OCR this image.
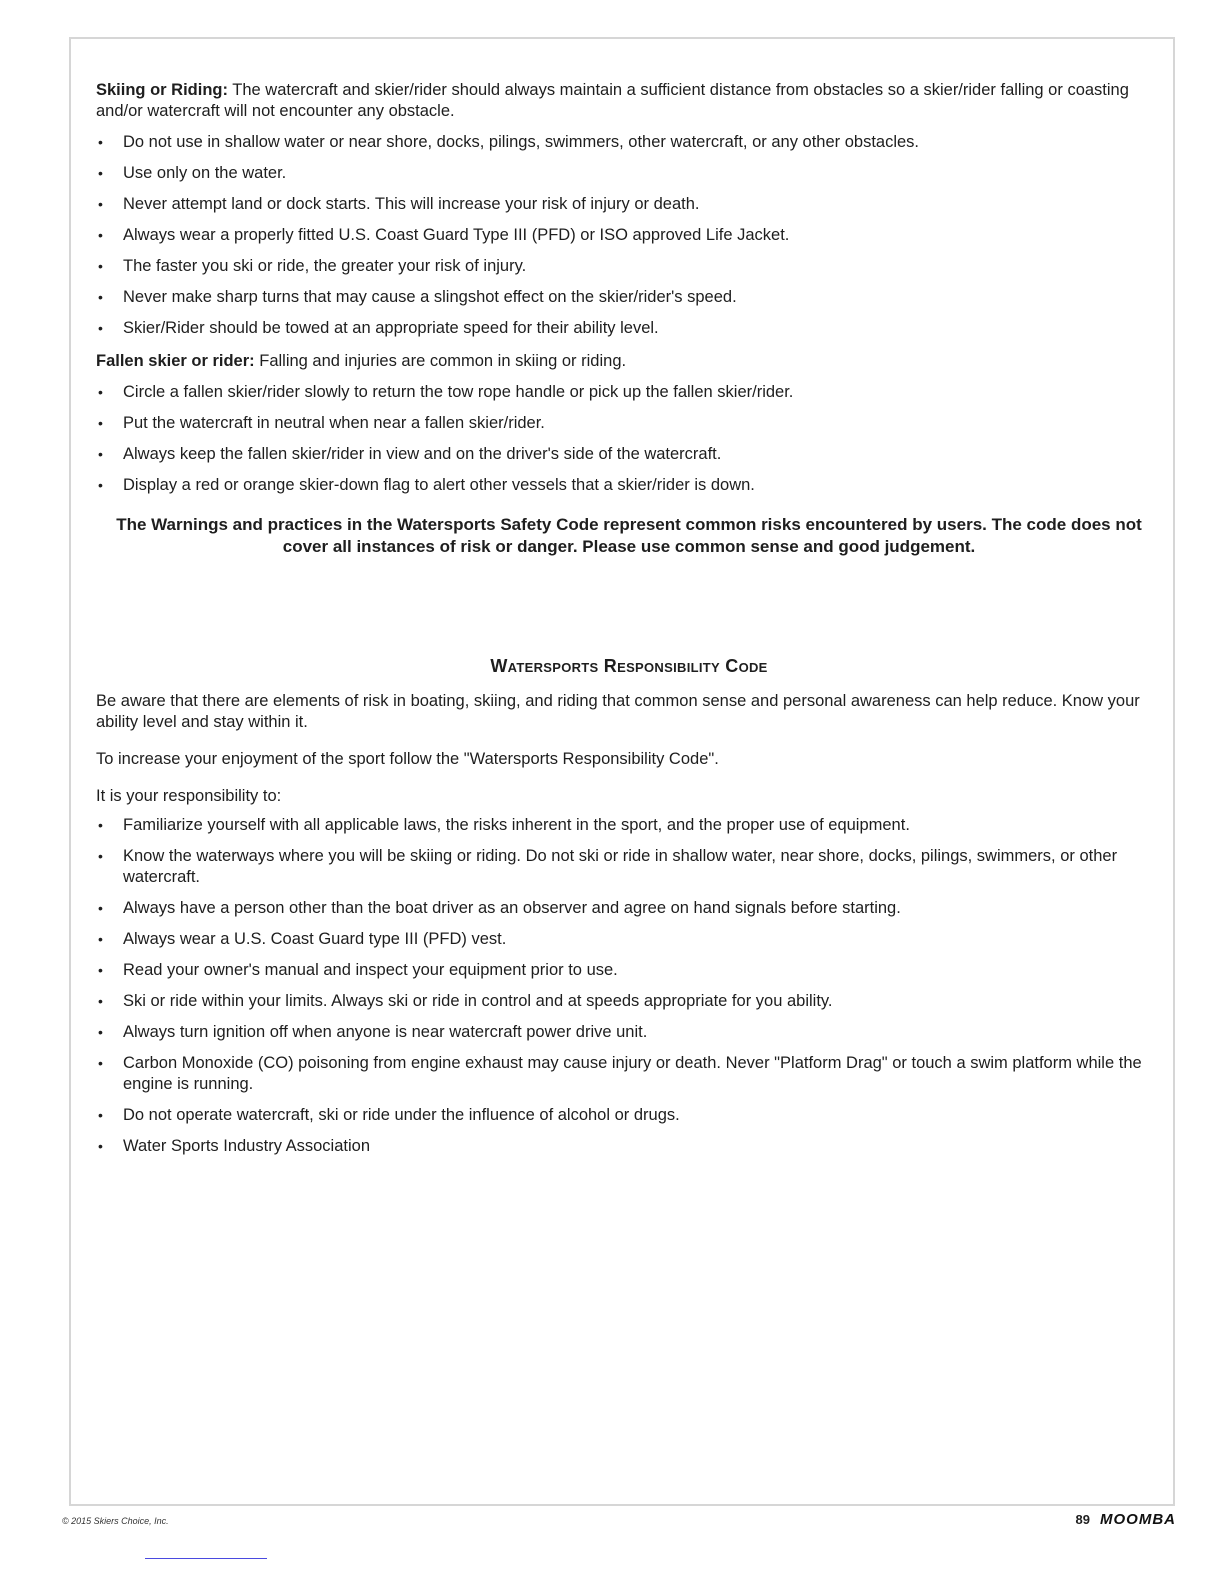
Skiing or Riding: The watercraft and skier/rider should always maintain a sufficient distance from obstacles so a skier/rider falling or coasting and/or watercraft will not encounter any obstacle.

• Do not use in shallow water or near shore, docks, pilings, swimmers, other watercraft, or any other obstacles.
• Use only on the water.
• Never attempt land or dock starts. This will increase your risk of injury or death.
• Always wear a properly fitted U.S. Coast Guard Type III (PFD) or ISO approved Life Jacket.
• The faster you ski or ride, the greater your risk of injury.
• Never make sharp turns that may cause a slingshot effect on the skier/rider's speed.
• Skier/Rider should be towed at an appropriate speed for their ability level.

Fallen skier or rider: Falling and injuries are common in skiing or riding.

• Circle a fallen skier/rider slowly to return the tow rope handle or pick up the fallen skier/rider.
• Put the watercraft in neutral when near a fallen skier/rider.
• Always keep the fallen skier/rider in view and on the driver's side of the watercraft.
• Display a red or orange skier-down flag to alert other vessels that a skier/rider is down.

The Warnings and practices in the Watersports Safety Code represent common risks encountered by users. The code does not cover all instances of risk or danger. Please use common sense and good judgement.

Watersports Responsibility Code

Be aware that there are elements of risk in boating, skiing, and riding that common sense and personal awareness can help reduce. Know your ability level and stay within it.

To increase your enjoyment of the sport follow the "Watersports Responsibility Code".

It is your responsibility to:

• Familiarize yourself with all applicable laws, the risks inherent in the sport, and the proper use of equipment.
• Know the waterways where you will be skiing or riding. Do not ski or ride in shallow water, near shore, docks, pilings, swimmers, or other watercraft.
• Always have a person other than the boat driver as an observer and agree on hand signals before starting.
• Always wear a U.S. Coast Guard type III (PFD) vest.
• Read your owner's manual and inspect your equipment prior to use.
• Ski or ride within your limits. Always ski or ride in control and at speeds appropriate for you ability.
• Always turn ignition off when anyone is near watercraft power drive unit.
• Carbon Monoxide (CO) poisoning from engine exhaust may cause injury or death. Never "Platform Drag" or touch a swim platform while the engine is running.
• Do not operate watercraft, ski or ride under the influence of alcohol or drugs.
• Water Sports Industry Association
© 2015 Skiers Choice, Inc.	89 MOOMBA
